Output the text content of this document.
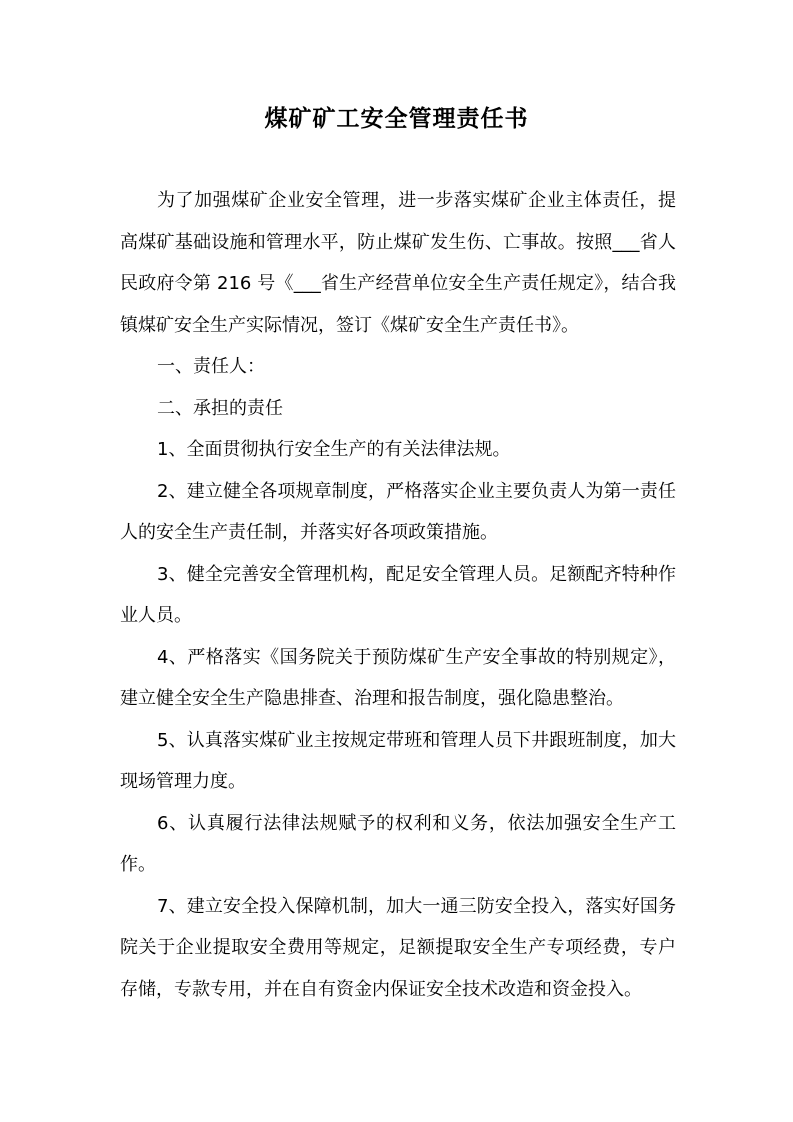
煤矿矿工安全管理责任书

为了加强煤矿企业安全管理，进一步落实煤矿企业主体责任，提高煤矿基础设施和管理水平，防止煤矿发生伤、亡事故。按照___省人民政府令第 216 号《___省生产经营单位安全生产责任规定》，结合我镇煤矿安全生产实际情况，签订《煤矿安全生产责任书》。

一、责任人：

二、承担的责任

1、全面贯彻执行安全生产的有关法律法规。

2、建立健全各项规章制度，严格落实企业主要负责人为第一责任人的安全生产责任制，并落实好各项政策措施。

3、健全完善安全管理机构，配足安全管理人员。足额配齐特种作业人员。

4、严格落实《国务院关于预防煤矿生产安全事故的特别规定》，建立健全安全生产隐患排查、治理和报告制度，强化隐患整治。

5、认真落实煤矿业主按规定带班和管理人员下井跟班制度，加大现场管理力度。

6、认真履行法律法规赋予的权利和义务，依法加强安全生产工作。

7、建立安全投入保障机制，加大一通三防安全投入，落实好国务院关于企业提取安全费用等规定，足额提取安全生产专项经费，专户存储，专款专用，并在自有资金内保证安全技术改造和资金投入。
